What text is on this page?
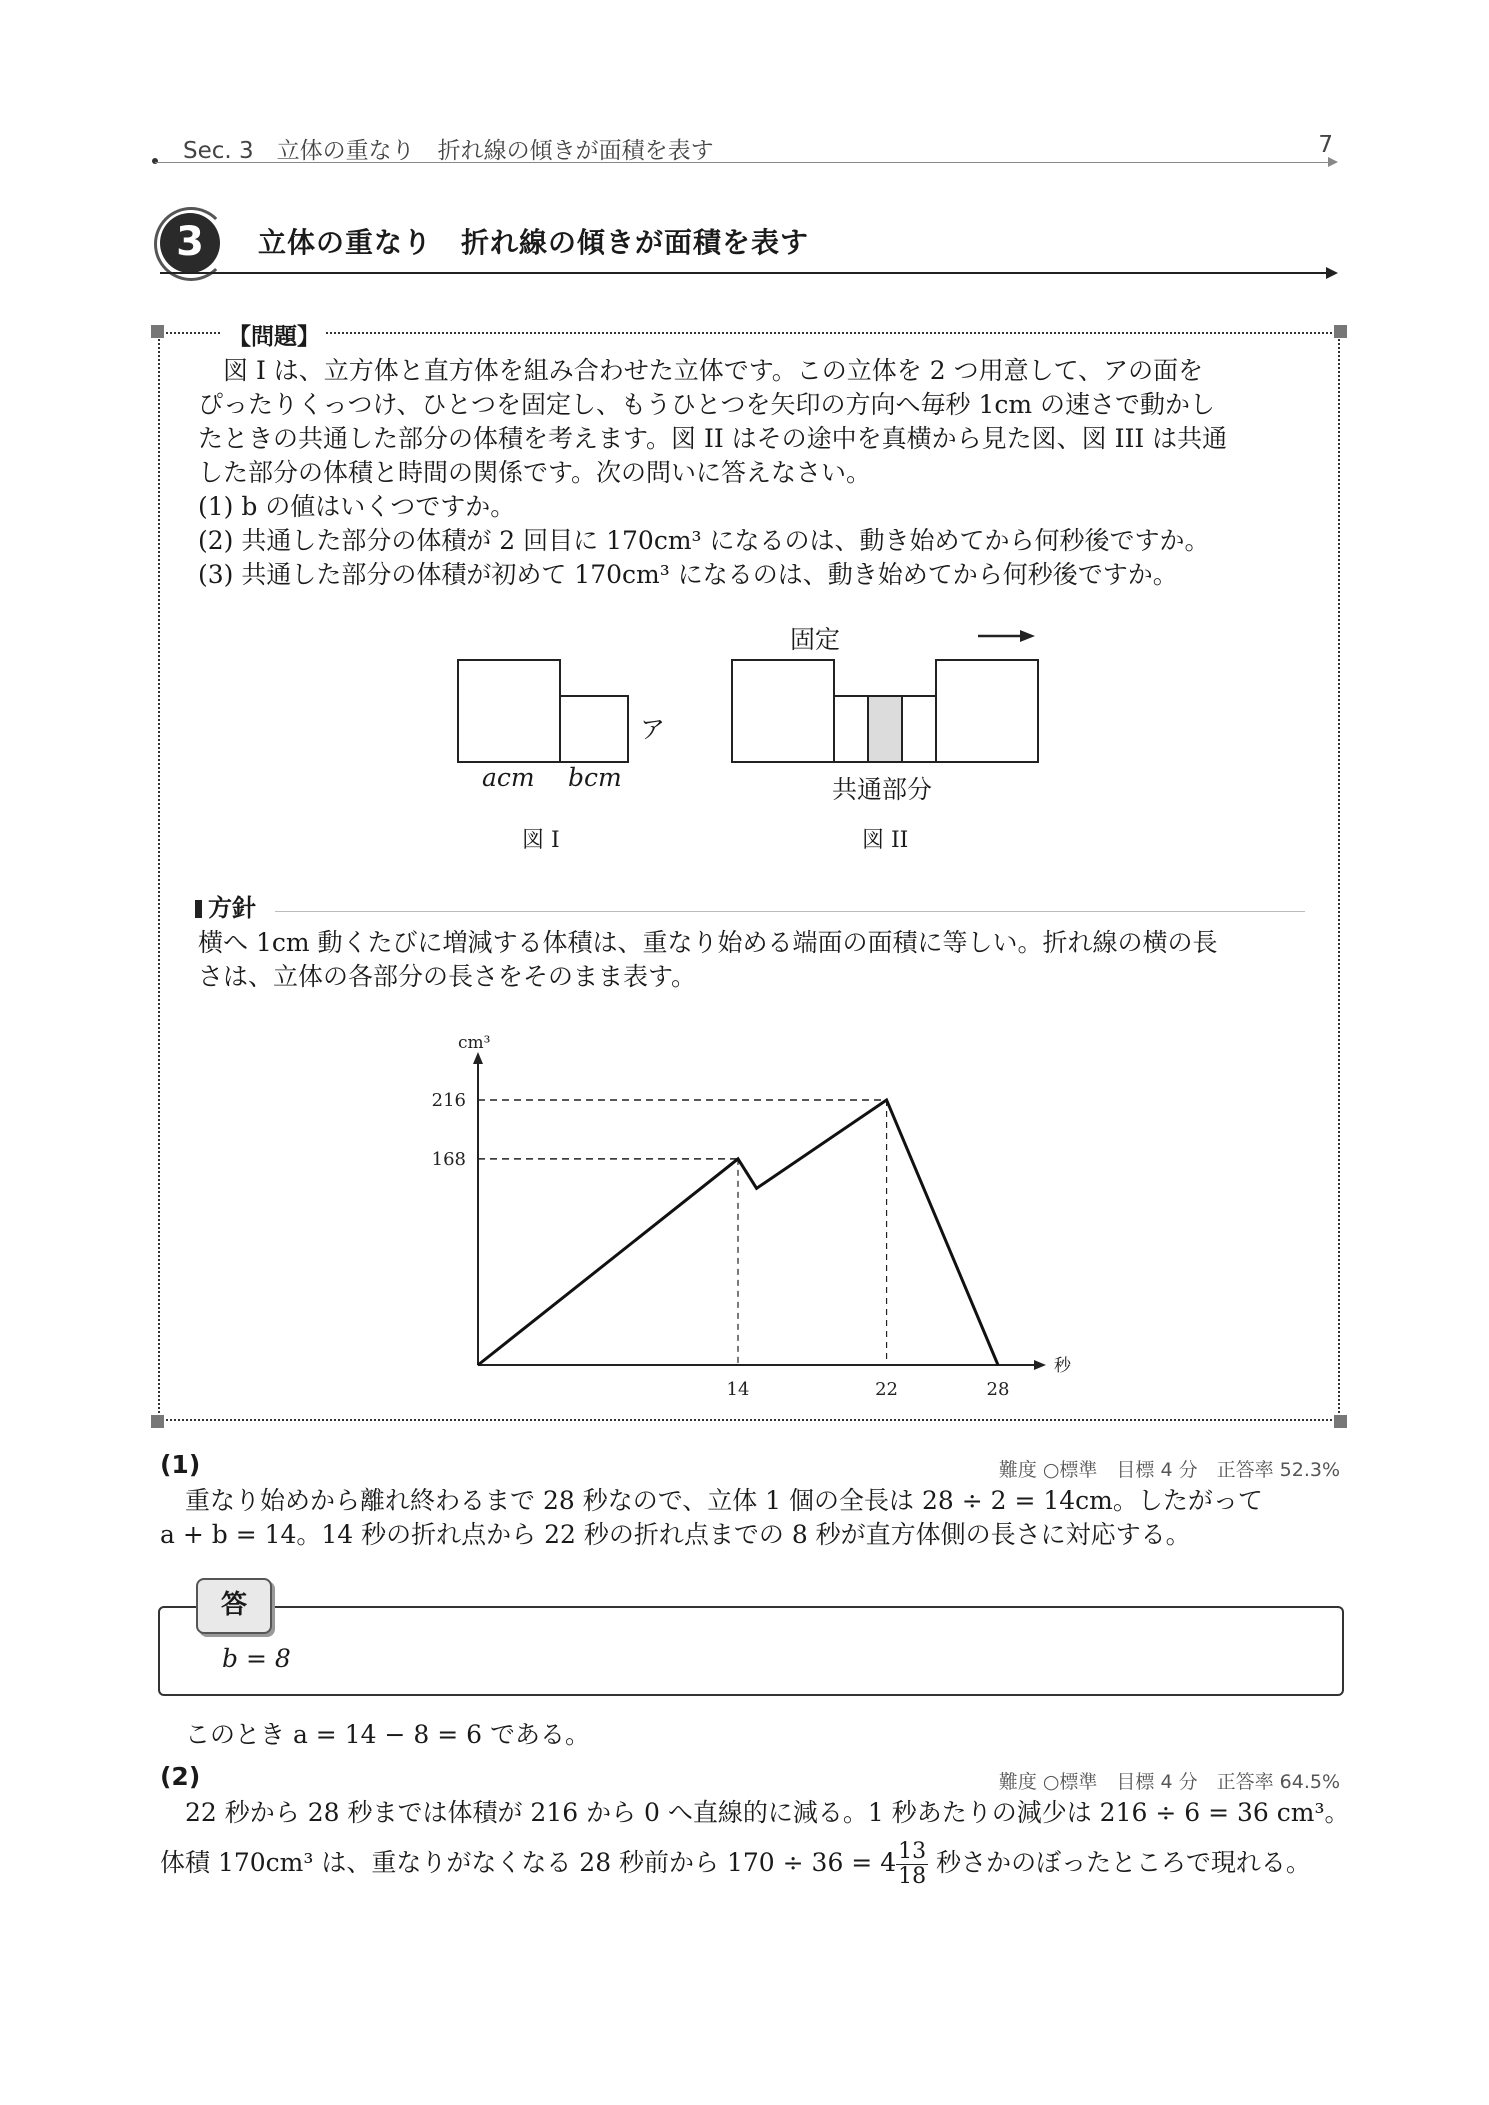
Sec. 3　立体の重なり　折れ線の傾きが面積を表す	7
3	立体の重なり　折れ線の傾きが面積を表す
【問題】

　図 I は、立方体と直方体を組み合わせた立体です。この立体を 2 つ用意して、アの面を

ぴったりくっつけ、ひとつを固定し、もうひとつを矢印の方向へ毎秒 1cm の速さで動かし

たときの共通した部分の体積を考えます。図 II はその途中を真横から見た図、図 III は共通

した部分の体積と時間の関係です。次の問いに答えなさい。

(1) b の値はいくつですか。

(2) 共通した部分の体積が 2 回目に 170cm³ になるのは、動き始めてから何秒後ですか。

(3) 共通した部分の体積が初めて 170cm³ になるのは、動き始めてから何秒後ですか。

acm bcm
ア
図 I
固定
共通部分
図 II
方針
横へ 1cm 動くたびに増減する体積は、重なり始める端面の面積に等しい。折れ線の横の長
さは、立体の各部分の長さをそのまま表す。
cm³
秒
168
216
14	22	28
(1)	難度 ○標準　目標 4 分　正答率 52.3%
　重なり始めから離れ終わるまで 28 秒なので、立体 1 個の全長は 28 ÷ 2 = 14cm。したがって
a + b = 14。14 秒の折れ点から 22 秒の折れ点までの 8 秒が直方体側の長さに対応する。
答
b = 8
　このとき a = 14 − 8 = 6 である。
(2)	難度 ○標準　目標 4 分　正答率 64.5%
　22 秒から 28 秒までは体積が 216 から 0 へ直線的に減る。1 秒あたりの減少は 216 ÷ 6 = 36 cm³。
体積 170cm³ は、重なりがなくなる 28 秒前から $170 \div 36 = 4 \frac{13}{18}$ 秒さかのぼったところで現れる。
